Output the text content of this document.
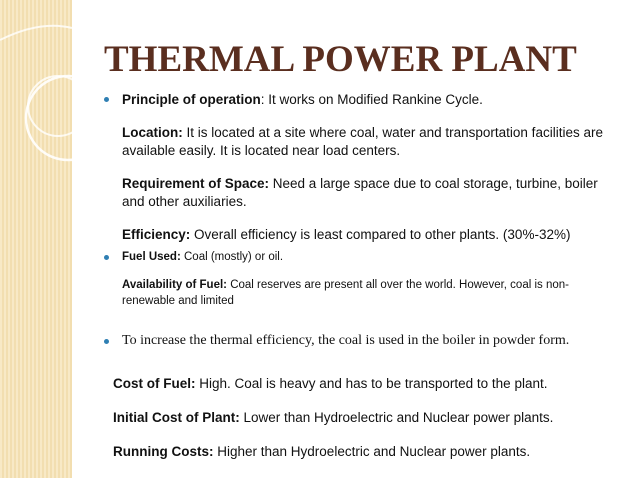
THERMAL POWER PLANT
Principle of operation: It works on Modified Rankine Cycle.
Location: It is located at a site where coal, water and transportation facilities are available easily. It is located near load centers.
Requirement of Space: Need a large space due to coal storage, turbine, boiler and other auxiliaries.
Efficiency: Overall efficiency is least compared to other plants. (30%-32%)
Fuel Used: Coal (mostly) or oil.
Availability of Fuel: Coal reserves are present all over the world. However, coal is non-renewable and limited
To increase the thermal efficiency, the coal is used in the boiler in powder form.
Cost of Fuel: High. Coal is heavy and has to be transported to the plant.
Initial Cost of Plant: Lower than Hydroelectric and Nuclear power plants.
Running Costs: Higher than Hydroelectric and Nuclear power plants.
